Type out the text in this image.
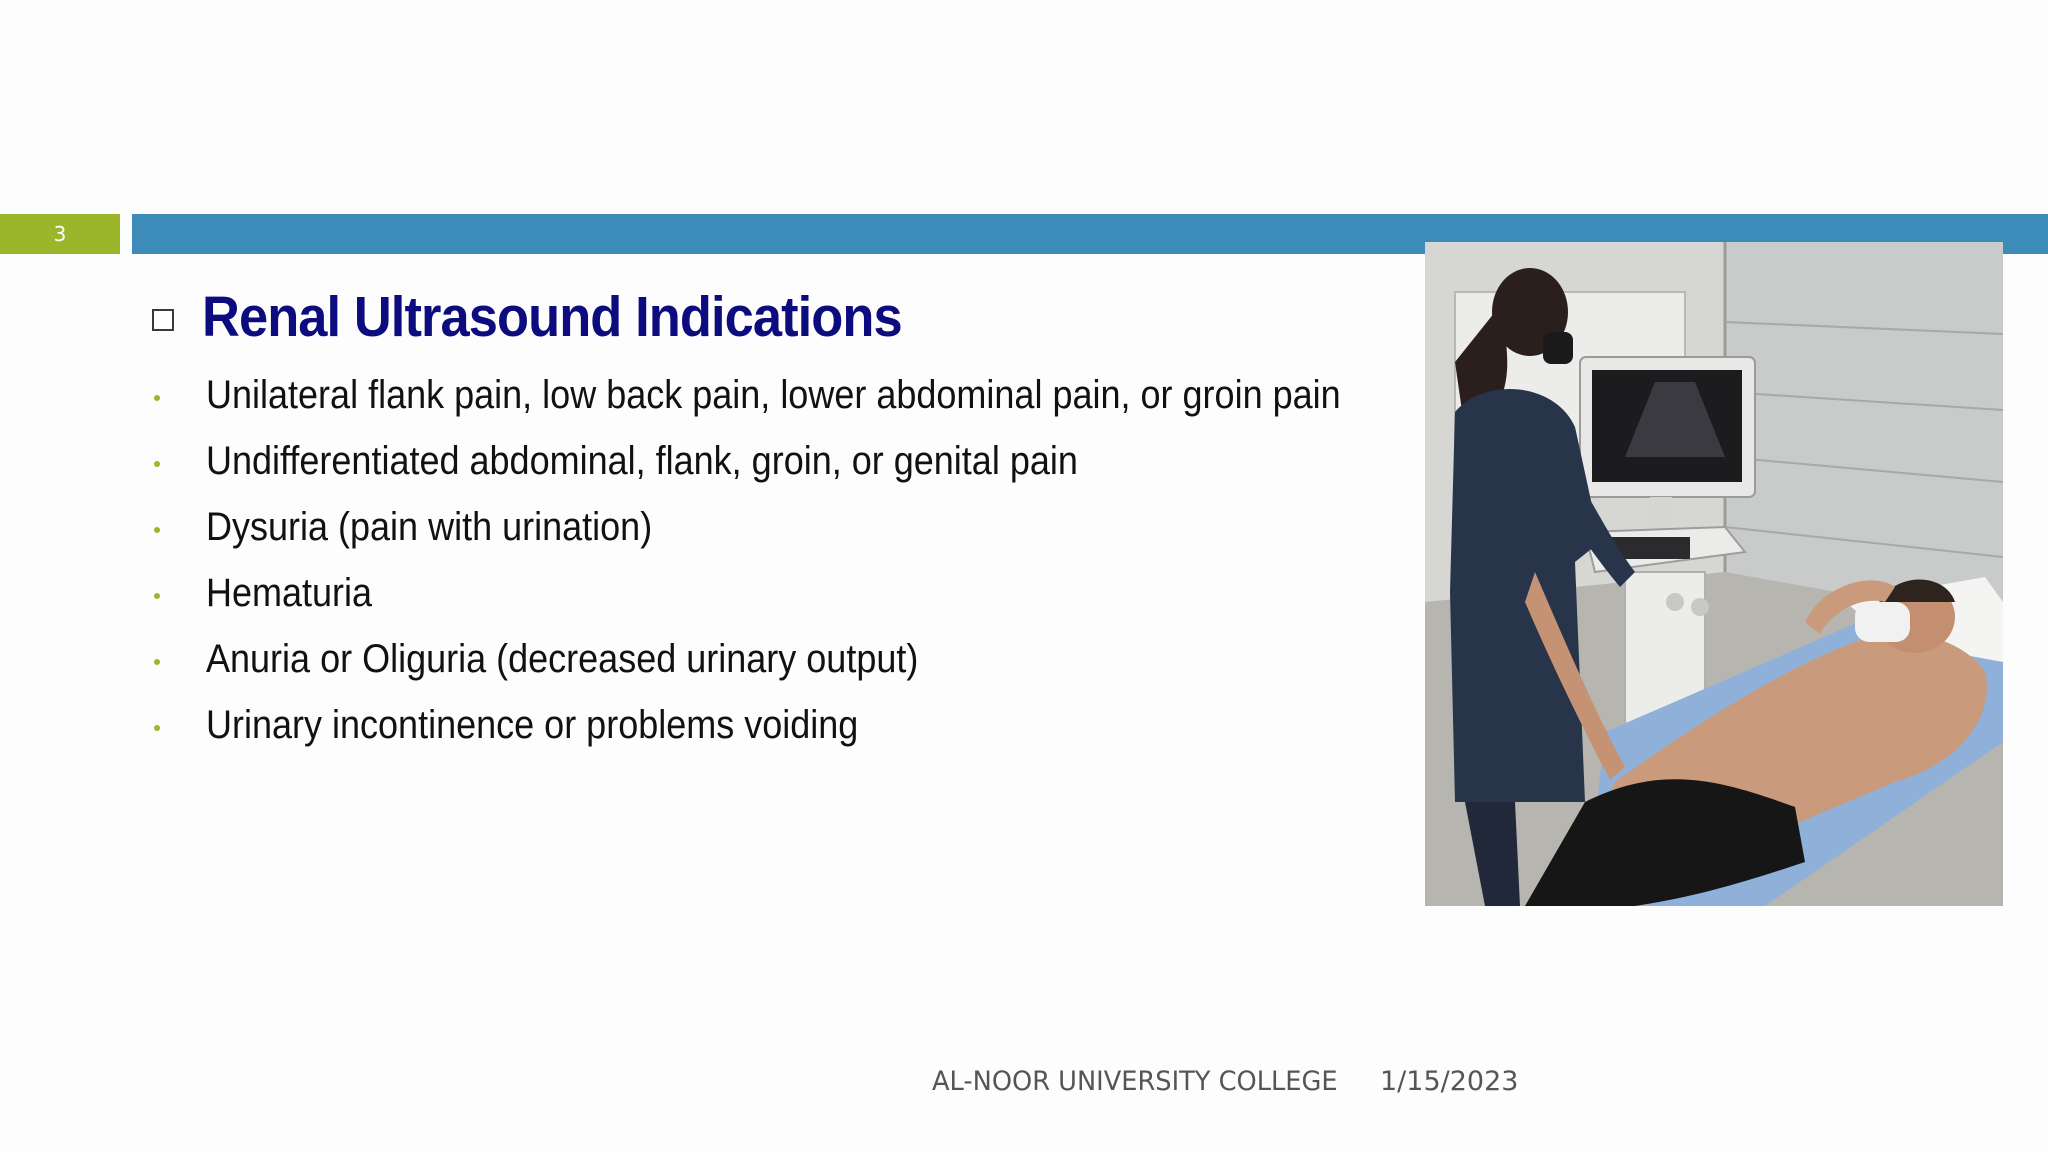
3
Renal Ultrasound Indications
Unilateral flank pain, low back pain, lower abdominal pain, or groin pain
Undifferentiated abdominal, flank, groin, or genital pain
Dysuria (pain with urination)
Hematuria
Anuria or Oliguria (decreased urinary output)
Urinary incontinence or problems voiding
AL-NOOR UNIVERSITY COLLEGE 1/15/2023
